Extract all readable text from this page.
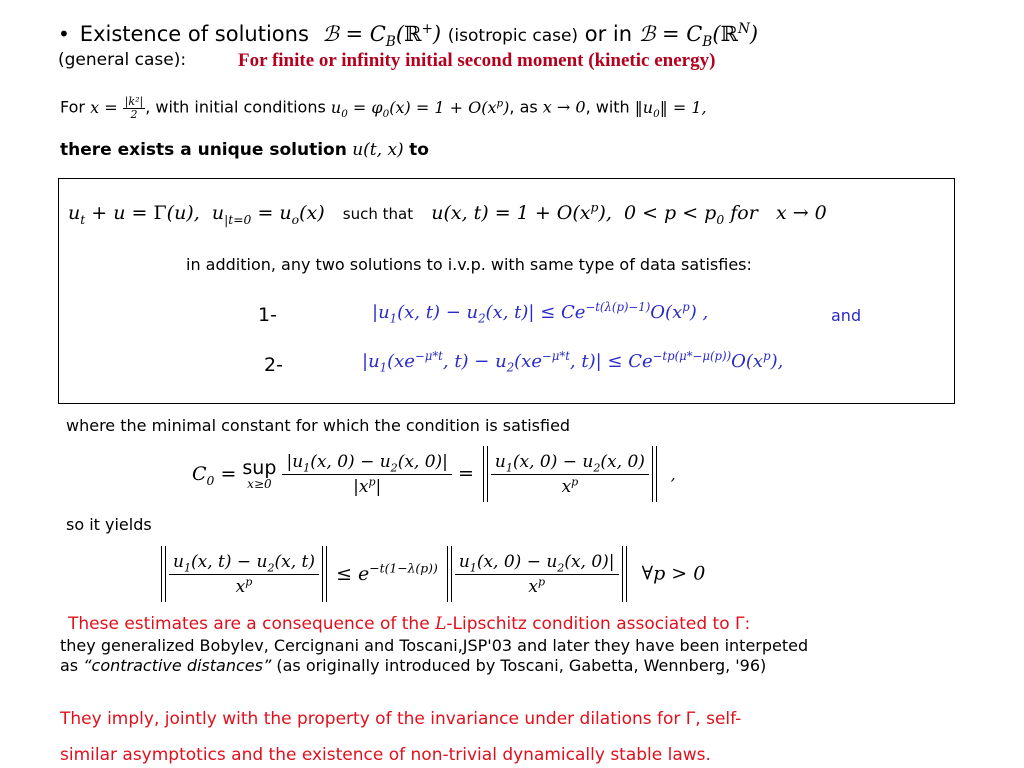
• Existence of solutions  ℬ = $C_B(ℝ^+)$ (isotropic case) or in ℬ = $C_B(ℝ^N)$
(general case):	For finite or infinity initial second moment (kinetic energy)
For $x = \frac{\text{|k²|}}{2}$ , with initial conditions $u_0 = \varphi_0(x) = 1 + O(x^p)$, as x → 0, with $‖u_0‖ = 1$,
there exists a unique solution u(t, x) to
$u_t + u = \Gamma(u)$,  $u_{|t=0} = u_o(x)$ such that u(x, $t) = 1 + O(x^p)$,  $0 < p < p_0$ for   x → 0
in addition, any two solutions to i.v.p. with same type of data satisfies:
1-	$|u_1(x$, $t) - u_2(x$, $t)| \le Ce^{-t(\lambda(p)-1)}O(x^p)$ ,	and
2-	$|u_1(xe^{-\mu*t}$, $t) - u_2(xe^{-\mu*t}$, $t)| \le Ce^{-tp(\mu*-\mu(p))}O(x^p)$,
where the minimal constant for which the condition is satisfied
$C_0$ = sup
x≥0
$\frac{|u_1(x, 0) - u_2(x, 0)|}{|x^p|} = \frac{u_1(x, 0) - u_2(x, 0)}{x^p}$ ,
so it yields
$\frac{u_1(x, t) - u_2(x, t)}{x^p} \le e^{-t(1-\lambda(p))} \frac{u_1(x, 0) - u_2(x, 0)|}{x^p}$ ∀p > 0
These estimates are a consequence of the L-Lipschitz condition associated to Γ:
they generalized Bobylev, Cercignani and Toscani,JSP'03 and later they have been interpeted
as “contractive distances” (as originally introduced by Toscani, Gabetta, Wennberg, '96)
They imply, jointly with the property of the invariance under dilations for Γ, self-
similar asymptotics and the existence of non-trivial dynamically stable laws.
